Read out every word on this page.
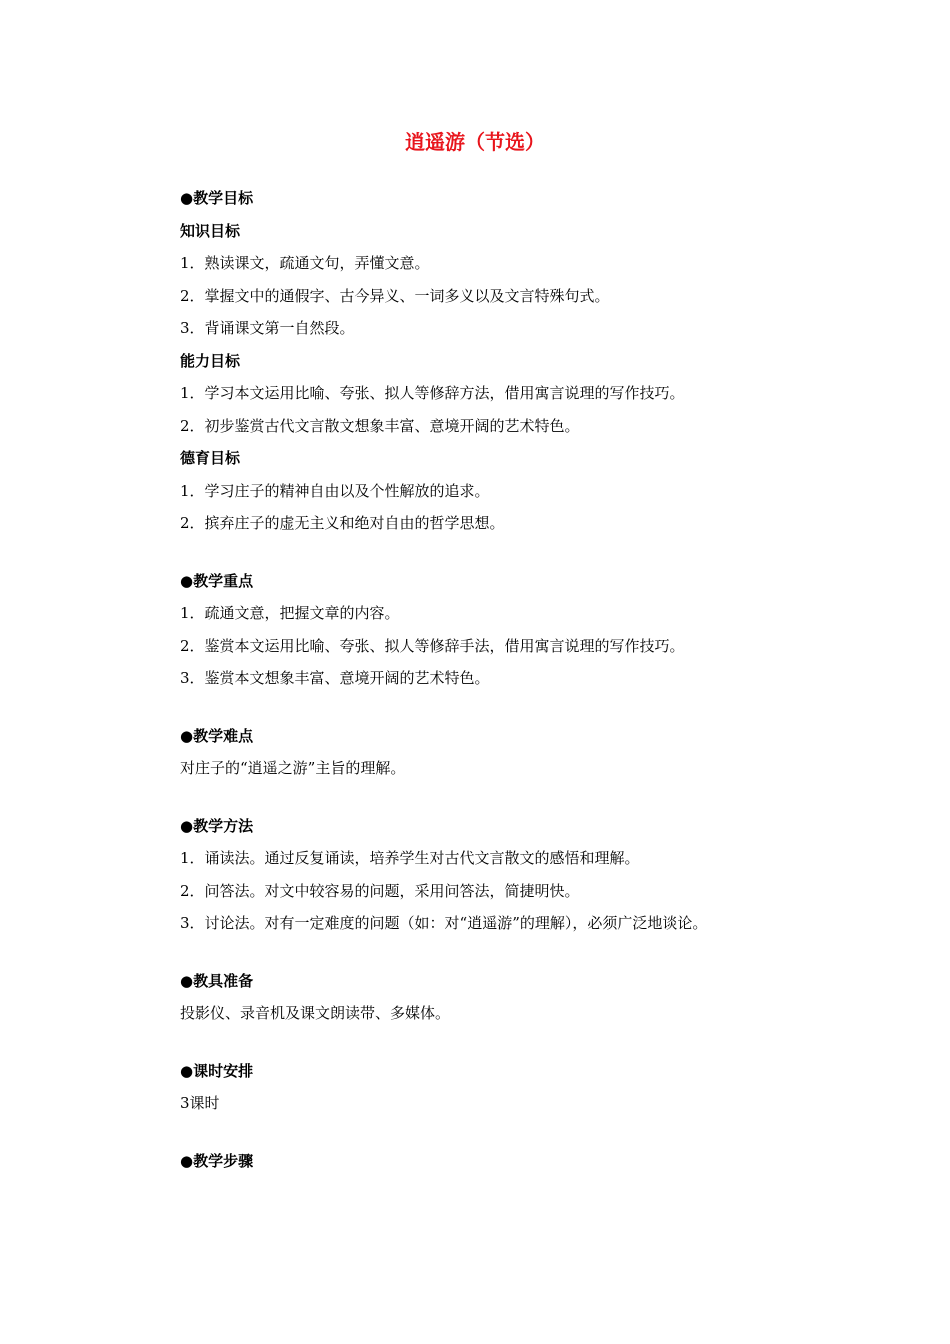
逍遥游（节选）
●教学目标
知识目标
1．熟读课文，疏通文句，弄懂文意。
2．掌握文中的通假字、古今异义、一词多义以及文言特殊句式。
3．背诵课文第一自然段。
能力目标
1．学习本文运用比喻、夸张、拟人等修辞方法，借用寓言说理的写作技巧。
2．初步鉴赏古代文言散文想象丰富、意境开阔的艺术特色。
德育目标
1．学习庄子的精神自由以及个性解放的追求。
2．摈弃庄子的虚无主义和绝对自由的哲学思想。
●教学重点
1．疏通文意，把握文章的内容。
2．鉴赏本文运用比喻、夸张、拟人等修辞手法，借用寓言说理的写作技巧。
3．鉴赏本文想象丰富、意境开阔的艺术特色。
●教学难点
对庄子的“逍遥之游”主旨的理解。
●教学方法
1．诵读法。通过反复诵读，培养学生对古代文言散文的感悟和理解。
2．问答法。对文中较容易的问题，采用问答法，简捷明快。
3．讨论法。对有一定难度的问题（如：对“逍遥游”的理解），必须广泛地谈论。
●教具准备
投影仪、录音机及课文朗读带、多媒体。
●课时安排
3课时
●教学步骤
